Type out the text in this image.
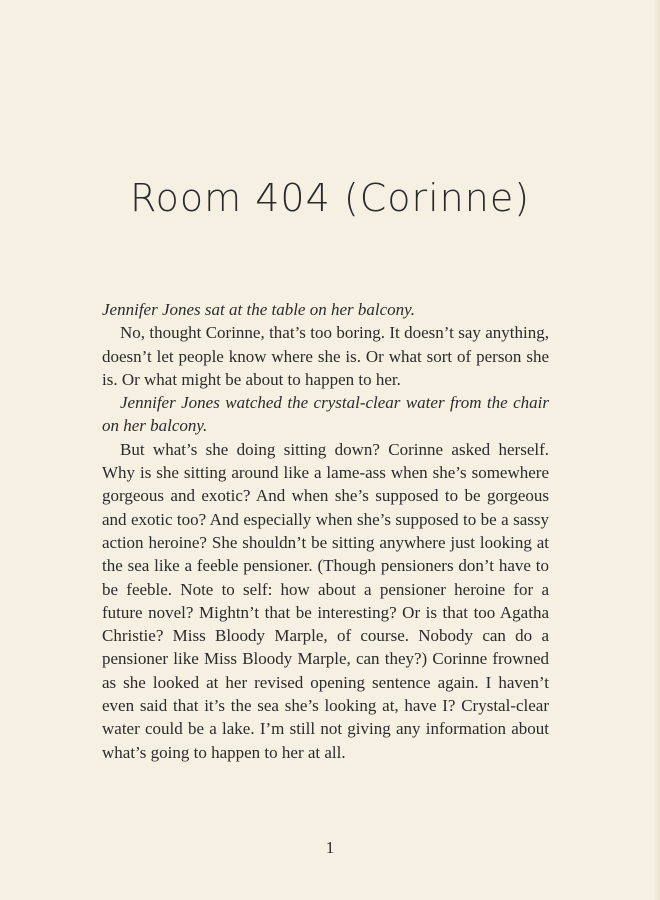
Room 404 (Corinne)

Jennifer Jones sat at the table on her balcony.

No, thought Corinne, that’s too boring. It doesn’t say anything, doesn’t let people know where she is. Or what sort of person she is. Or what might be about to happen to her.

Jennifer Jones watched the crystal-clear water from the chair on her balcony.

But what’s she doing sitting down? Corinne asked herself. Why is she sitting around like a lame-ass when she’s somewhere gorgeous and exotic? And when she’s supposed to be gorgeous and exotic too? And especially when she’s supposed to be a sassy action heroine? She shouldn’t be sitting anywhere just looking at the sea like a feeble pensioner. (Though pensioners don’t have to be feeble. Note to self: how about a pensioner heroine for a future novel? Mightn’t that be interesting? Or is that too Agatha Christie? Miss Bloody Marple, of course. Nobody can do a pensioner like Miss Bloody Marple, can they?) Corinne frowned as she looked at her revised opening sentence again. I haven’t even said that it’s the sea she’s looking at, have I? Crystal-clear water could be a lake. I’m still not giving any information about what’s going to happen to her at all.

1
